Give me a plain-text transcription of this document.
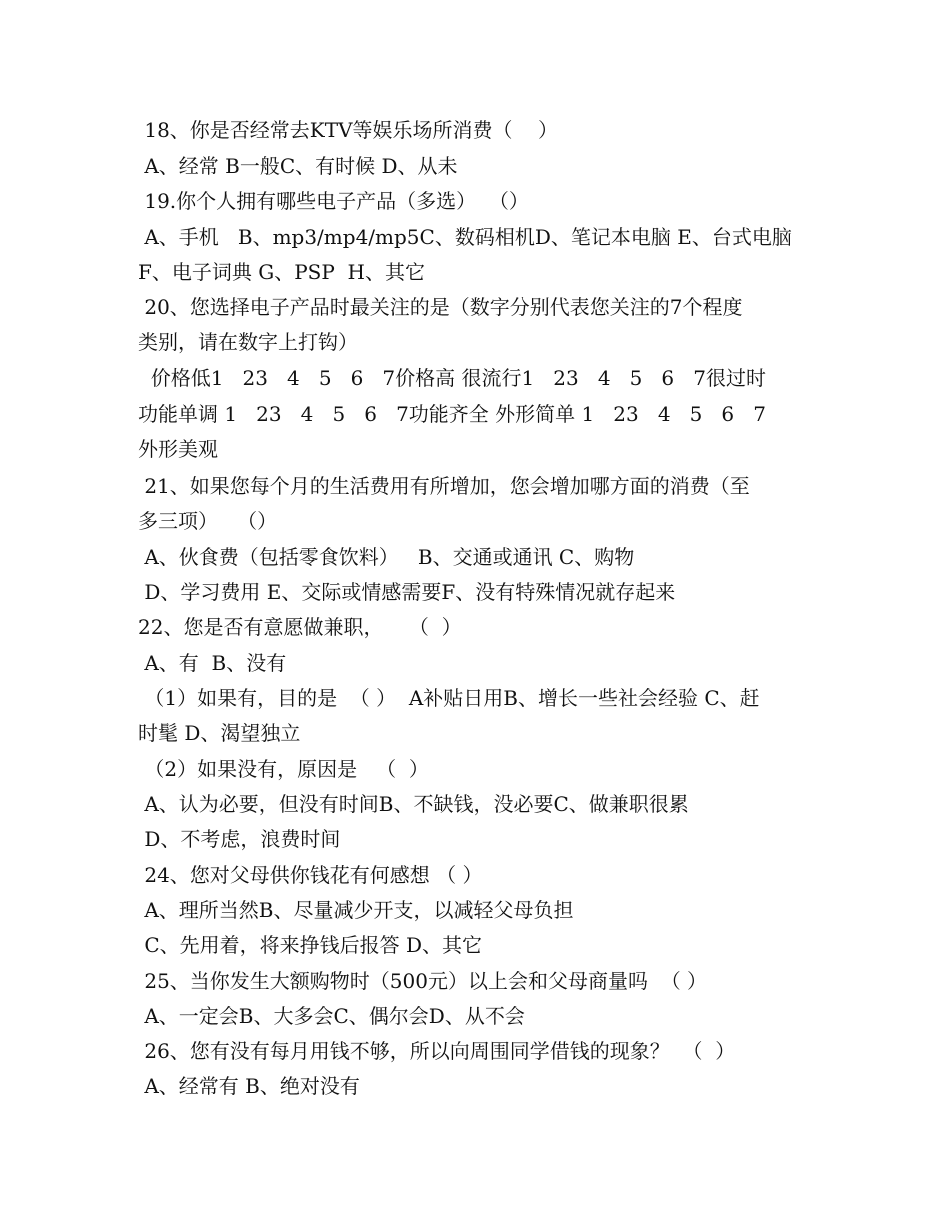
18、你是否经常去KTV等娱乐场所消费（    ）
A、经常 B一般C、有时候 D、从未
19.你个人拥有哪些电子产品（多选）  （）
A、手机   B、mp3/mp4/mp5C、数码相机D、笔记本电脑 E、台式电脑
F、电子词典 G、PSP  H、其它
20、您选择电子产品时最关注的是（数字分别代表您关注的7个程度
类别，请在数字上打钩）
价格低1   23   4   5   6   7价格高 很流行1   23   4   5   6   7很过时
功能单调 1   23   4   5   6   7功能齐全 外形简单 1   23   4   5   6   7
外形美观
21、如果您每个月的生活费用有所增加，您会增加哪方面的消费（至
多三项）   （）
A、伙食费（包括零食饮料）   B、交通或通讯 C、购物
D、学习费用 E、交际或情感需要F、没有特殊情况就存起来
22、您是否有意愿做兼职，    （  ）
A、有  B、没有
（1）如果有，目的是  （ ）  A补贴日用B、增长一些社会经验 C、赶
时髦 D、渴望独立
（2）如果没有，原因是   （  ）
A、认为必要，但没有时间B、不缺钱，没必要C、做兼职很累
D、不考虑，浪费时间
24、您对父母供你钱花有何感想 （ ）
A、理所当然B、尽量减少开支，以减轻父母负担
C、先用着，将来挣钱后报答 D、其它
25、当你发生大额购物时（500元）以上会和父母商量吗  （ ）
A、一定会B、大多会C、偶尔会D、从不会
26、您有没有每月用钱不够，所以向周围同学借钱的现象？  （  ）
A、经常有 B、绝对没有
